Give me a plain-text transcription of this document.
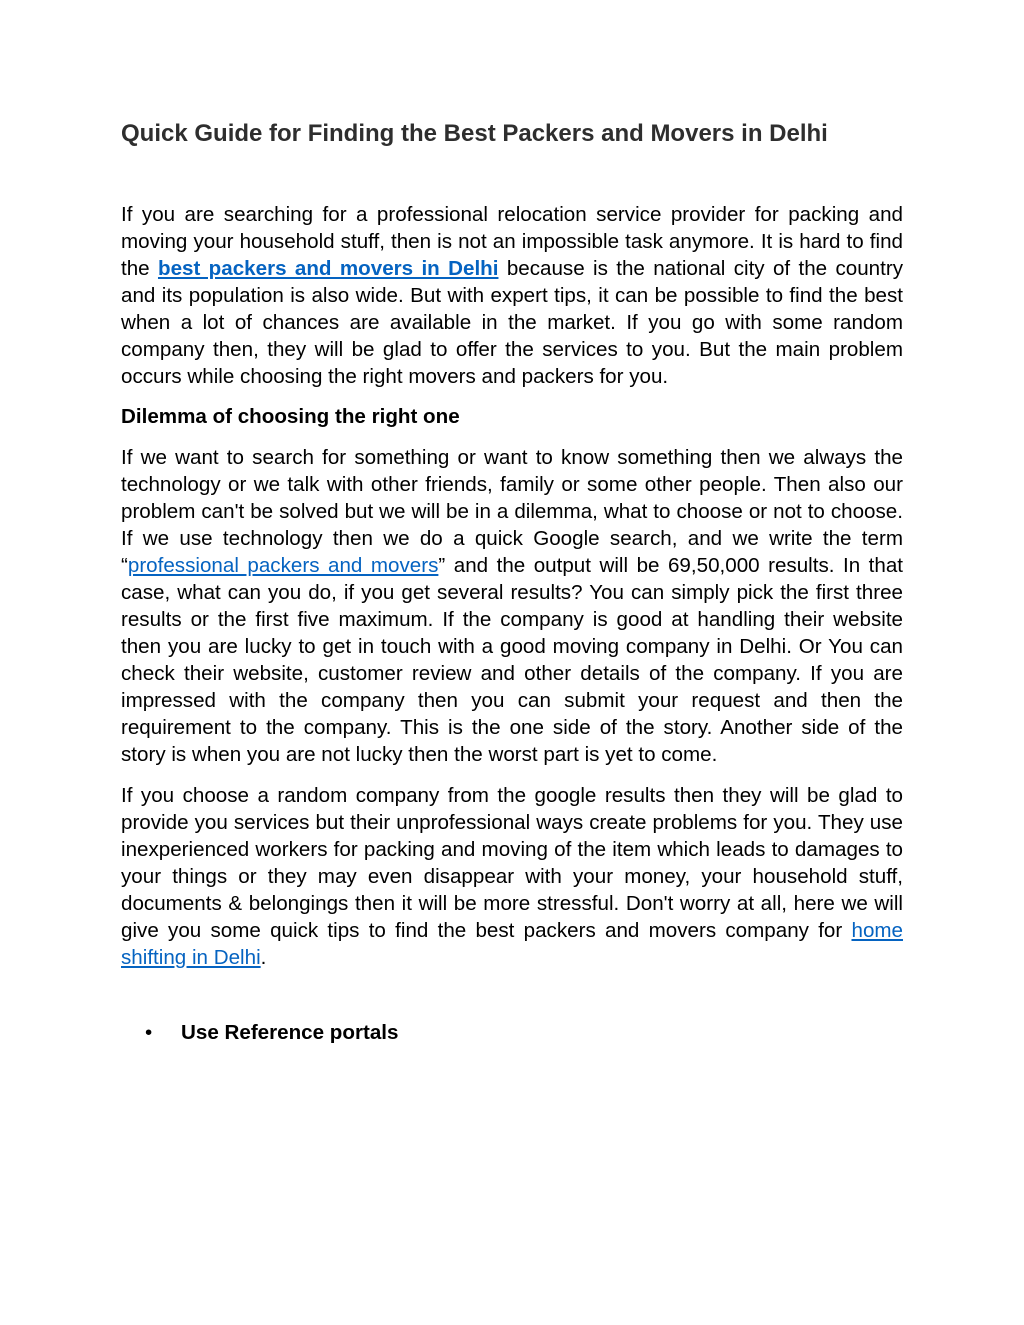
Quick Guide for Finding the Best Packers and Movers in Delhi

If you are searching for a professional relocation service provider for packing and moving your household stuff, then is not an impossible task anymore. It is hard to find the best packers and movers in Delhi because is the national city of the country and its population is also wide. But with expert tips, it can be possible to find the best when a lot of chances are available in the market. If you go with some random company then, they will be glad to offer the services to you. But the main problem occurs while choosing the right movers and packers for you.

Dilemma of choosing the right one

If we want to search for something or want to know something then we always the technology or we talk with other friends, family or some other people. Then also our problem can't be solved but we will be in a dilemma, what to choose or not to choose. If we use technology then we do a quick Google search, and we write the term “professional packers and movers” and the output will be 69,50,000 results. In that case, what can you do, if you get several results? You can simply pick the first three results or the first five maximum. If the company is good at handling their website then you are lucky to get in touch with a good moving company in Delhi. Or You can check their website, customer review and other details of the company. If you are impressed with the company then you can submit your request and then the requirement to the company. This is the one side of the story. Another side of the story is when you are not lucky then the worst part is yet to come.

If you choose a random company from the google results then they will be glad to provide you services but their unprofessional ways create problems for you. They use inexperienced workers for packing and moving of the item which leads to damages to your things or they may even disappear with your money, your household stuff, documents & belongings then it will be more stressful. Don't worry at all, here we will give you some quick tips to find the best packers and movers company for home shifting in Delhi.

• Use Reference portals
